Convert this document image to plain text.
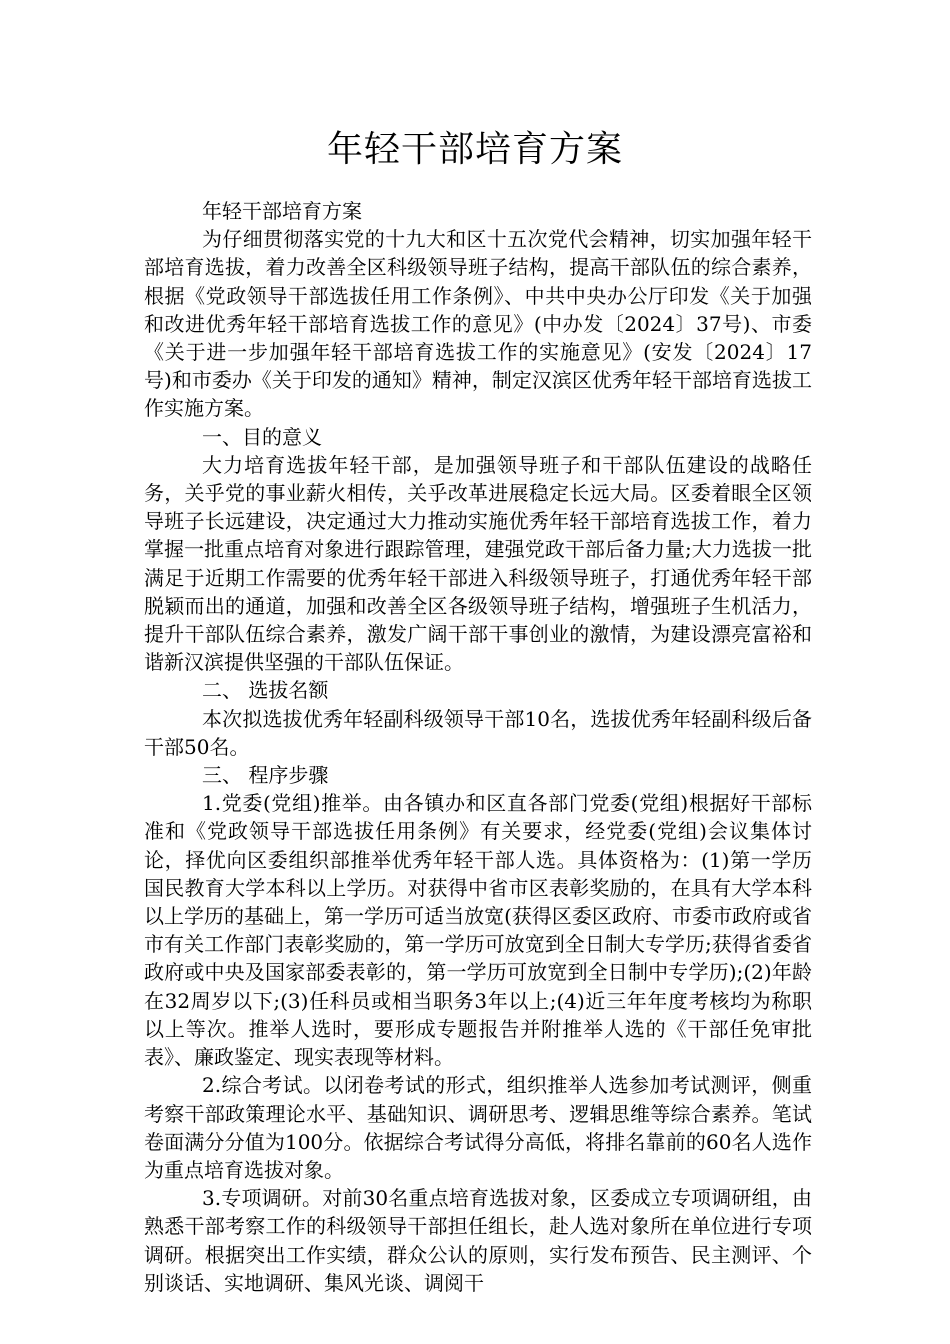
年轻干部培育方案

年轻干部培育方案

为仔细贯彻落实党的十九大和区十五次党代会精神，切实加强年轻干部培育选拔，着力改善全区科级领导班子结构，提高干部队伍的综合素养，根据《党政领导干部选拔任用工作条例》、中共中央办公厅印发《关于加强和改进优秀年轻干部培育选拔工作的意见》(中办发〔2024〕37号)、市委《关于进一步加强年轻干部培育选拔工作的实施意见》(安发〔2024〕17号)和市委办《关于印发的通知》精神，制定汉滨区优秀年轻干部培育选拔工作实施方案。

一、目的意义

大力培育选拔年轻干部，是加强领导班子和干部队伍建设的战略任务，关乎党的事业薪火相传，关乎改革进展稳定长远大局。区委着眼全区领导班子长远建设，决定通过大力推动实施优秀年轻干部培育选拔工作，着力掌握一批重点培育对象进行跟踪管理，建强党政干部后备力量;大力选拔一批满足于近期工作需要的优秀年轻干部进入科级领导班子，打通优秀年轻干部脱颖而出的通道，加强和改善全区各级领导班子结构，增强班子生机活力，提升干部队伍综合素养，激发广阔干部干事创业的激情，为建设漂亮富裕和谐新汉滨提供坚强的干部队伍保证。

二、 选拔名额

本次拟选拔优秀年轻副科级领导干部10名，选拔优秀年轻副科级后备干部50名。

三、 程序步骤

1.党委(党组)推举。由各镇办和区直各部门党委(党组)根据好干部标准和《党政领导干部选拔任用条例》有关要求，经党委(党组)会议集体讨论，择优向区委组织部推举优秀年轻干部人选。具体资格为：(1)第一学历国民教育大学本科以上学历。对获得中省市区表彰奖励的，在具有大学本科以上学历的基础上，第一学历可适当放宽(获得区委区政府、市委市政府或省市有关工作部门表彰奖励的，第一学历可放宽到全日制大专学历;获得省委省政府或中央及国家部委表彰的，第一学历可放宽到全日制中专学历);(2)年龄在32周岁以下;(3)任科员或相当职务3年以上;(4)近三年年度考核均为称职以上等次。推举人选时，要形成专题报告并附推举人选的《干部任免审批表》、廉政鉴定、现实表现等材料。

2.综合考试。以闭卷考试的形式，组织推举人选参加考试测评，侧重考察干部政策理论水平、基础知识、调研思考、逻辑思维等综合素养。笔试卷面满分分值为100分。依据综合考试得分高低，将排名靠前的60名人选作为重点培育选拔对象。

3.专项调研。对前30名重点培育选拔对象，区委成立专项调研组，由熟悉干部考察工作的科级领导干部担任组长，赴人选对象所在单位进行专项调研。根据突出工作实绩，群众公认的原则，实行发布预告、民主测评、个别谈话、实地调研、集风光谈、调阅干
